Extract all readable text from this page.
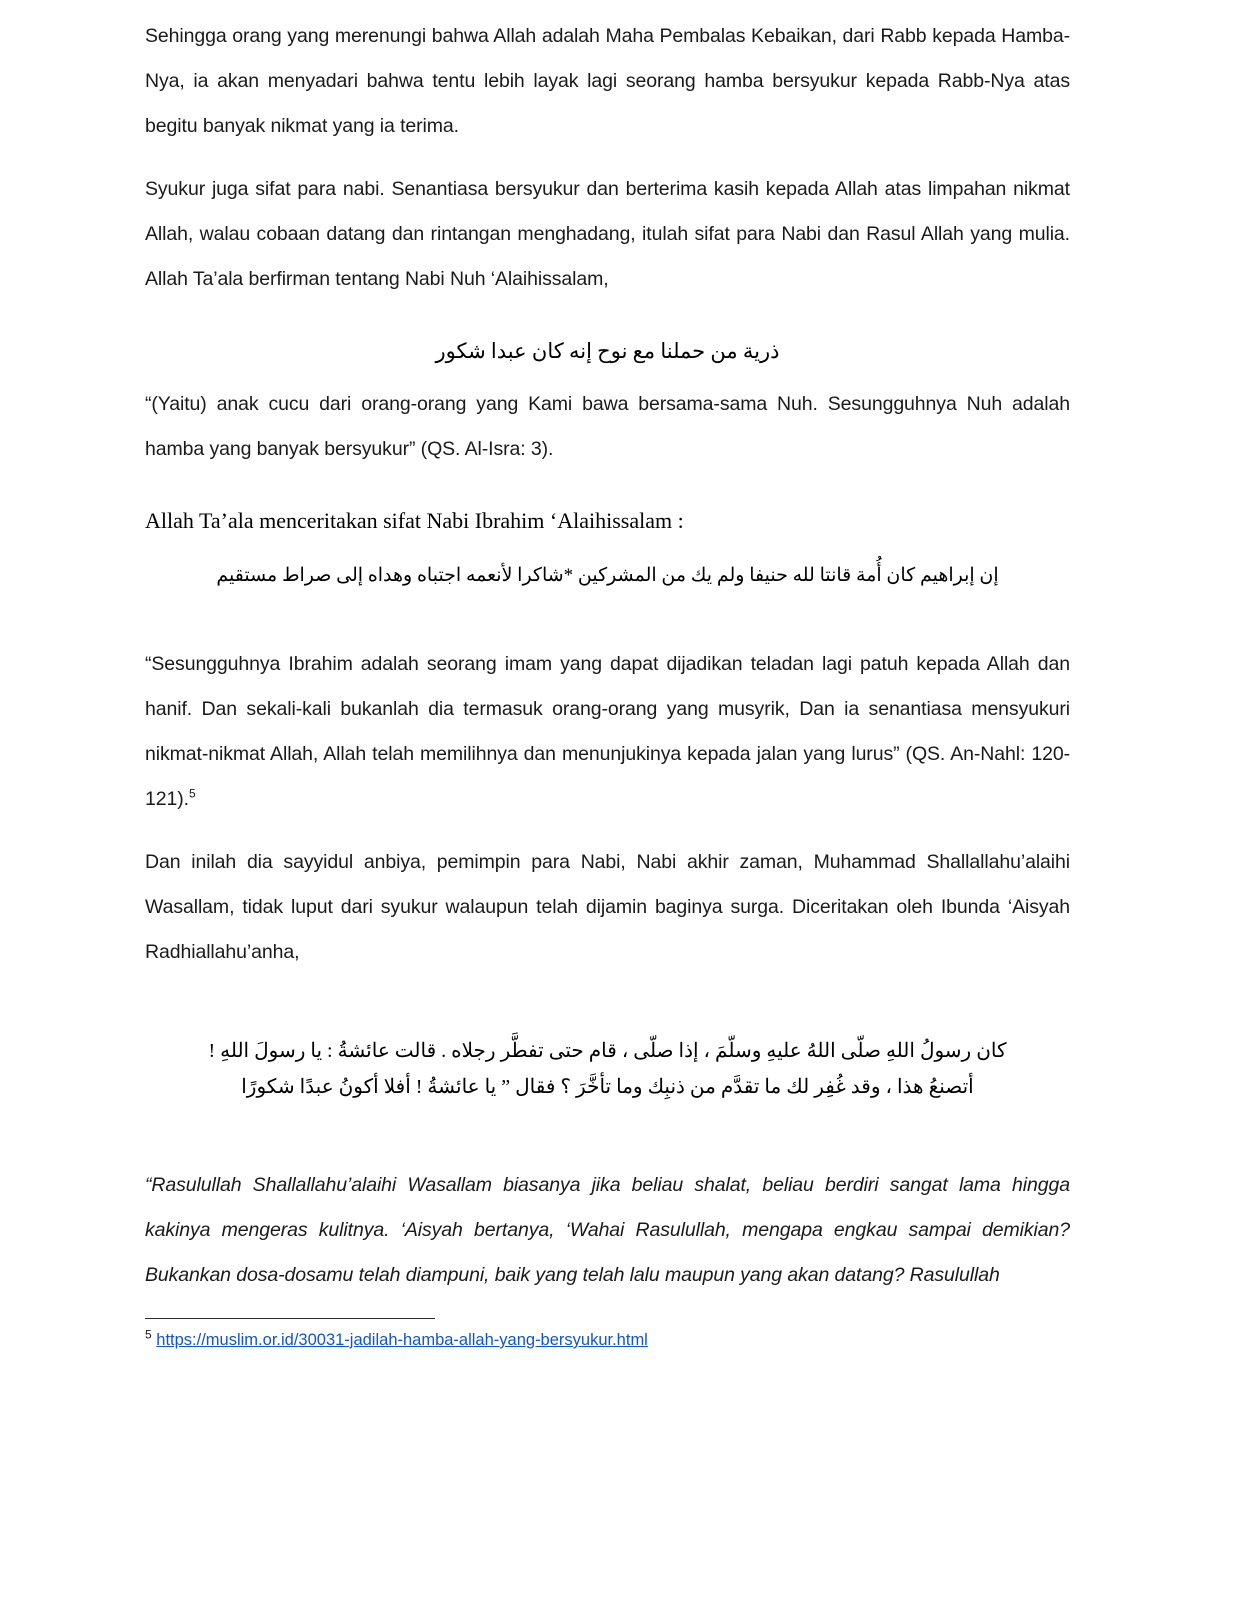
Sehingga orang yang merenungi bahwa Allah adalah Maha Pembalas Kebaikan, dari Rabb kepada Hamba-Nya, ia akan menyadari bahwa tentu lebih layak lagi seorang hamba bersyukur kepada Rabb-Nya atas begitu banyak nikmat yang ia terima.

Syukur juga sifat para nabi. Senantiasa bersyukur dan berterima kasih kepada Allah atas limpahan nikmat Allah, walau cobaan datang dan rintangan menghadang, itulah sifat para Nabi dan Rasul Allah yang mulia. Allah Ta’ala berfirman tentang Nabi Nuh ‘Alaihissalam,

ذرية من حملنا مع نوح إنه كان عبدا شكور

“(Yaitu) anak cucu dari orang-orang yang Kami bawa bersama-sama Nuh. Sesungguhnya Nuh adalah hamba yang banyak bersyukur” (QS. Al-Isra: 3).

Allah Ta’ala menceritakan sifat Nabi Ibrahim ‘Alaihissalam :

إن إبراهيم كان أُمة قانتا لله حنيفا ولم يك من المشركين *شاكرا لأنعمه اجتباه وهداه إلى صراط مستقيم

“Sesungguhnya Ibrahim adalah seorang imam yang dapat dijadikan teladan lagi patuh kepada Allah dan hanif. Dan sekali-kali bukanlah dia termasuk orang-orang yang musyrik, Dan ia senantiasa mensyukuri nikmat-nikmat Allah, Allah telah memilihnya dan menunjukinya kepada jalan yang lurus” (QS. An-Nahl: 120-121).$^5$

Dan inilah dia sayyidul anbiya, pemimpin para Nabi, Nabi akhir zaman, Muhammad Shallallahu’alaihi Wasallam, tidak luput dari syukur walaupun telah dijamin baginya surga. Diceritakan oleh Ibunda ‘Aisyah Radhiallahu’anha,

كان رسولُ اللهِ صلّى اللهُ عليهِ وسلّمَ ، إذا صلّى ، قام حتى تفطَّر رجلاه . قالت عائشةُ : يا رسولَ اللهِ ! أتصنعُ هذا ، وقد غُفِر لك ما تقدَّم من ذنبِك وما تأخَّرَ ؟ فقال ” يا عائشةُ ! أفلا أكونُ عبدًا شكورًا

“Rasulullah Shallallahu’alaihi Wasallam biasanya jika beliau shalat, beliau berdiri sangat lama hingga kakinya mengeras kulitnya. ‘Aisyah bertanya, ‘Wahai Rasulullah, mengapa engkau sampai demikian? Bukankan dosa-dosamu telah diampuni, baik yang telah lalu maupun yang akan datang? Rasulullah

$^5$ https://muslim.or.id/30031-jadilah-hamba-allah-yang-bersyukur.html
